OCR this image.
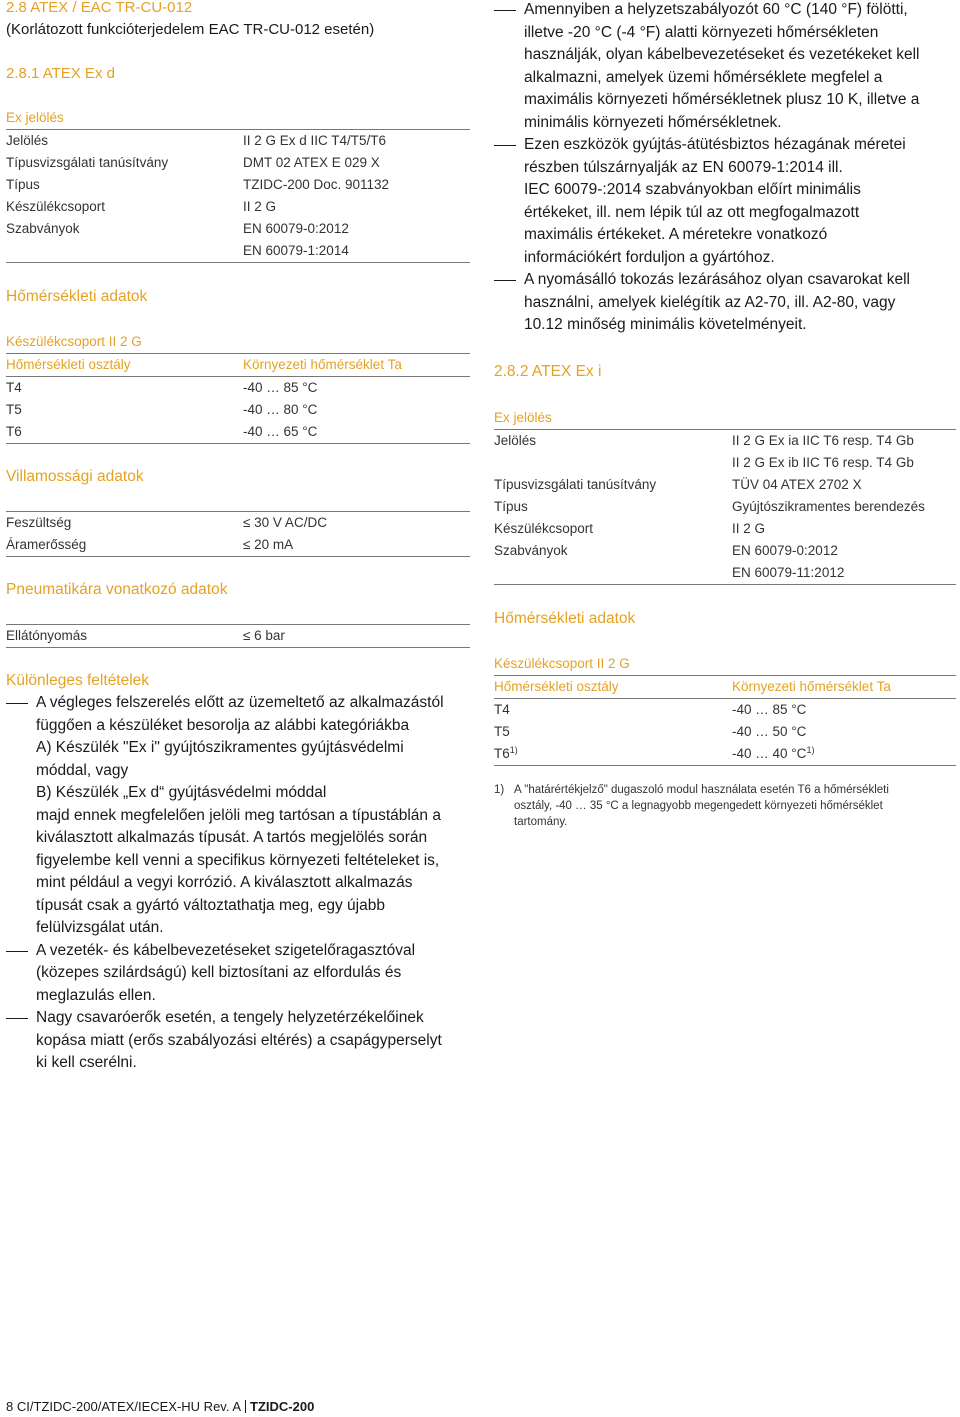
2.8 ATEX / EAC TR-CU-012

(Korlátozott funkcióterjedelem EAC TR-CU-012 esetén)

2.8.1 ATEX Ex d

Ex jelölés
Jelölés	II 2 G Ex d IIC T4/T5/T6
Típusvizsgálati tanúsítvány	DMT 02 ATEX E 029 X
Típus	TZIDC-200 Doc. 901132
Készülékcsoport	II 2 G
Szabványok	EN 60079-0:2012

EN 60079-1:2014

Hőmérsékleti adatok

Készülékcsoport II 2 G
Hőmérsékleti osztály	Környezeti hőmérséklet Ta
T4	-40 … 85 °C
T5	-40 … 80 °C
T6	-40 … 65 °C

Villamossági adatok

Feszültség	≤ 30 V AC/DC
Áramerősség	≤ 20 mA

Pneumatikára vonatkozó adatok

Ellátónyomás	≤ 6 bar

Különleges feltételek

A végleges felszerelés előtt az üzemeltető az alkalmazástól
függően a készüléket besorolja az alábbi kategóriákba
A) Készülék "Ex i" gyújtószikramentes gyújtásvédelmi
móddal, vagy
B) Készülék „Ex d“ gyújtásvédelmi móddal
majd ennek megfelelően jelöli meg tartósan a típustáblán a
kiválasztott alkalmazás típusát. A tartós megjelölés során
figyelembe kell venni a specifikus környezeti feltételeket is,
mint például a vegyi korrózió. A kiválasztott alkalmazás
típusát csak a gyártó változtathatja meg, egy újabb
felülvizsgálat után.
A vezeték- és kábelbevezetéseket szigetelőragasztóval
(közepes szilárdságú) kell biztosítani az elfordulás és
meglazulás ellen.
Nagy csavaróerők esetén, a tengely helyzetérzékelőinek
kopása miatt (erős szabályozási eltérés) a csapágyperselyt
ki kell cserélni.
Amennyiben a helyzetszabályozót 60 °C (140 °F) fölötti,
illetve -20 °C (-4 °F) alatti környezeti hőmérsékleten
használják, olyan kábelbevezetéseket és vezetékeket kell
alkalmazni, amelyek üzemi hőmérséklete megfelel a
maximális környezeti hőmérsékletnek plusz 10 K, illetve a
minimális környezeti hőmérsékletnek.
Ezen eszközök gyújtás-átütésbiztos hézagának méretei
részben túlszárnyalják az EN 60079-1:2014 ill.
IEC 60079-:2014 szabványokban előírt minimális
értékeket, ill. nem lépik túl az ott megfogalmazott
maximális értékeket. A méretekre vonatkozó
információkért forduljon a gyártóhoz.
A nyomásálló tokozás lezárásához olyan csavarokat kell
használni, amelyek kielégítik az A2-70, ill. A2-80, vagy
10.12 minőség minimális követelményeit.

2.8.2 ATEX Ex i

Ex jelölés
Jelölés	II 2 G Ex ia IIC T6 resp. T4 Gb

II 2 G Ex ib IIC T6 resp. T4 Gb
Típusvizsgálati tanúsítvány	TÜV 04 ATEX 2702 X
Típus	Gyújtószikramentes berendezés
Készülékcsoport	II 2 G
Szabványok	EN 60079-0:2012

EN 60079-11:2012

Hőmérsékleti adatok

Készülékcsoport II 2 G
Hőmérsékleti osztály	Környezeti hőmérséklet Ta
T4	-40 … 85 °C
T5	-40 … 50 °C
T6$^{1)}$	-40 … 40 $^\circ C^{1)}$
1) A "határértékjelző" dugaszoló modul használata esetén T6 a hőmérsékleti
osztály, -40 … 35 °C a legnagyobb megengedett környezeti hőmérséklet
tartomány.
8 CI/TZIDC-200/ATEX/IECEX-HU Rev. A TZIDC-200
